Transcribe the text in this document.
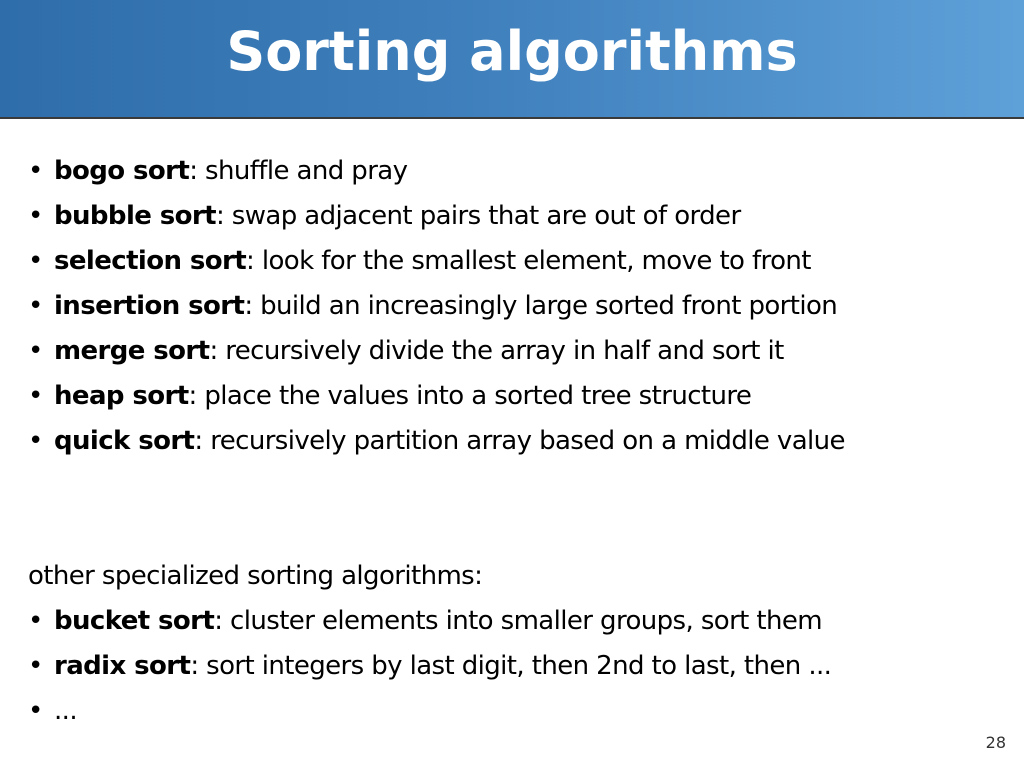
Sorting algorithms
• bogo sort: shuffle and pray
• bubble sort: swap adjacent pairs that are out of order
• selection sort: look for the smallest element, move to front
• insertion sort: build an increasingly large sorted front portion
• merge sort: recursively divide the array in half and sort it
• heap sort: place the values into a sorted tree structure
• quick sort: recursively partition array based on a middle value
other specialized sorting algorithms:
• bucket sort: cluster elements into smaller groups, sort them
• radix sort: sort integers by last digit, then 2nd to last, then ...
• ...
28
